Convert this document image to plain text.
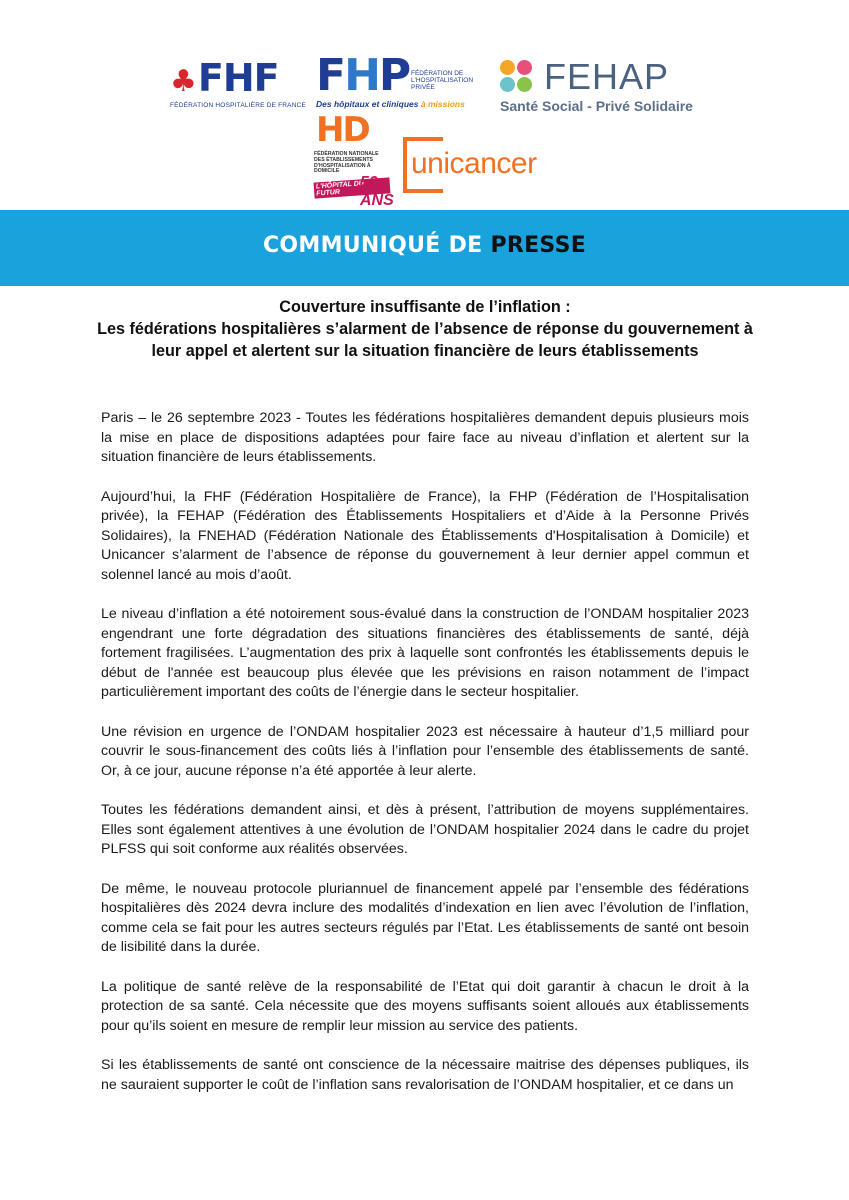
♣FHF
FÉDÉRATION HOSPITALIÈRE DE FRANCE
FHP FÉDÉRATION DE L'HOSPITALISATION PRIVÉE
Des hôpitaux et cliniques à missions
FEHAP
Santé Social - Privé Solidaire
HD
FÉDÉRATION NATIONALE DES ÉTABLISSEMENTS D'HOSPITALISATION À DOMICILE
L'HÔPITAL DU FUTUR
50 ANS
unicancer
COMMUNIQUÉ DE PRESSE
Couverture insuffisante de l’inflation :
Les fédérations hospitalières s’alarment de l’absence de réponse du gouvernement à leur appel et alertent sur la situation financière de leurs établissements

Paris – le 26 septembre 2023 - Toutes les fédérations hospitalières demandent depuis plusieurs mois la mise en place de dispositions adaptées pour faire face au niveau d’inflation et alertent sur la situation financière de leurs établissements.

Aujourd’hui, la FHF (Fédération Hospitalière de France), la FHP (Fédération de l’Hospitalisation privée), la FEHAP (Fédération des Établissements Hospitaliers et d’Aide à la Personne Privés Solidaires), la FNEHAD (Fédération Nationale des Établissements d'Hospitalisation à Domicile) et Unicancer s’alarment de l’absence de réponse du gouvernement à leur dernier appel commun et solennel lancé au mois d’août.

Le niveau d’inflation a été notoirement sous-évalué dans la construction de l’ONDAM hospitalier 2023 engendrant une forte dégradation des situations financières des établissements de santé, déjà fortement fragilisées. L’augmentation des prix à laquelle sont confrontés les établissements depuis le début de l'année est beaucoup plus élevée que les prévisions en raison notamment de l’impact particulièrement important des coûts de l’énergie dans le secteur hospitalier.

Une révision en urgence de l’ONDAM hospitalier 2023 est nécessaire à hauteur d’1,5 milliard pour couvrir le sous-financement des coûts liés à l’inflation pour l’ensemble des établissements de santé. Or, à ce jour, aucune réponse n’a été apportée à leur alerte.

Toutes les fédérations demandent ainsi, et dès à présent, l’attribution de moyens supplémentaires. Elles sont également attentives à une évolution de l’ONDAM hospitalier 2024 dans le cadre du projet PLFSS qui soit conforme aux réalités observées.

De même, le nouveau protocole pluriannuel de financement appelé par l’ensemble des fédérations hospitalières dès 2024 devra inclure des modalités d’indexation en lien avec l’évolution de l’inflation, comme cela se fait pour les autres secteurs régulés par l’Etat. Les établissements de santé ont besoin de lisibilité dans la durée.

La politique de santé relève de la responsabilité de l’Etat qui doit garantir à chacun le droit à la protection de sa santé. Cela nécessite que des moyens suffisants soient alloués aux établissements pour qu’ils soient en mesure de remplir leur mission au service des patients.

Si les établissements de santé ont conscience de la nécessaire maitrise des dépenses publiques, ils ne sauraient supporter le coût de l’inflation sans revalorisation de l’ONDAM hospitalier, et ce dans un
